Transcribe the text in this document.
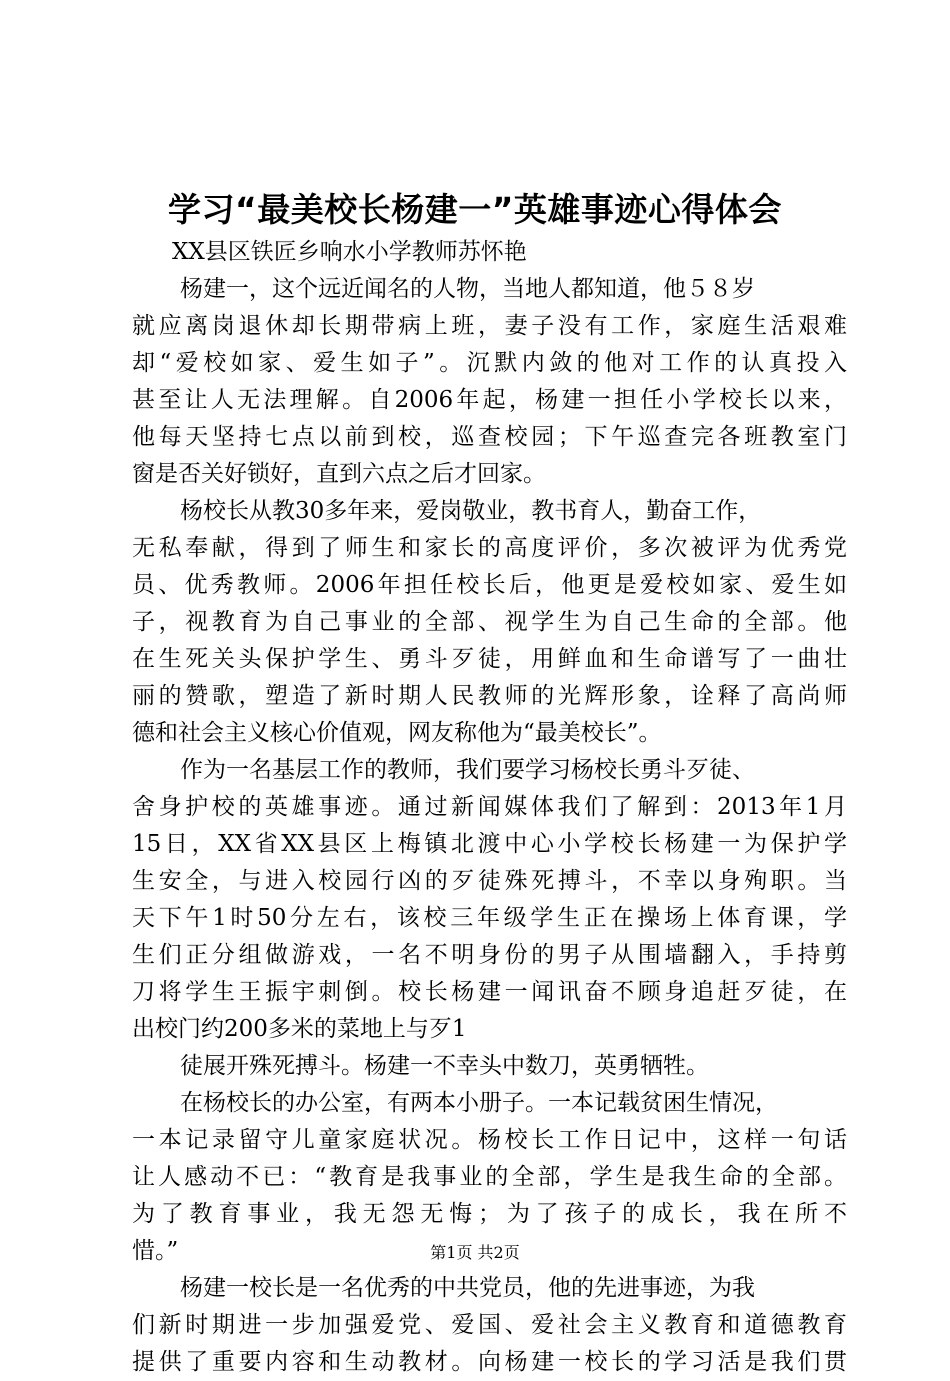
学习“最美校长杨建一”英雄事迹心得体会
XX县区铁匠乡响水小学教师苏怀艳
杨建一，这个远近闻名的人物，当地人都知道，他５８岁
就应离岗退休却长期带病上班，妻子没有工作，家庭生活艰难
却“爱校如家、爱生如子”。沉默内敛的他对工作的认真投入
甚至让人无法理解。自2006年起，杨建一担任小学校长以来，
他每天坚持七点以前到校，巡查校园；下午巡查完各班教室门
窗是否关好锁好，直到六点之后才回家。
杨校长从教30多年来，爱岗敬业，教书育人，勤奋工作，
无私奉献，得到了师生和家长的高度评价，多次被评为优秀党
员、优秀教师。2006年担任校长后，他更是爱校如家、爱生如
子，视教育为自己事业的全部、视学生为自己生命的全部。他
在生死关头保护学生、勇斗歹徒，用鲜血和生命谱写了一曲壮
丽的赞歌，塑造了新时期人民教师的光辉形象，诠释了高尚师
德和社会主义核心价值观，网友称他为“最美校长”。
作为一名基层工作的教师，我们要学习杨校长勇斗歹徒、
舍身护校的英雄事迹。通过新闻媒体我们了解到：2013年1月
15日，XX省XX县区上梅镇北渡中心小学校长杨建一为保护学
生安全，与进入校园行凶的歹徒殊死搏斗，不幸以身殉职。当
天下午1时50分左右，该校三年级学生正在操场上体育课，学
生们正分组做游戏，一名不明身份的男子从围墙翻入，手持剪
刀将学生王振宇刺倒。校长杨建一闻讯奋不顾身追赶歹徒，在
出校门约200多米的菜地上与歹1
徒展开殊死搏斗。杨建一不幸头中数刀，英勇牺牲。
在杨校长的办公室，有两本小册子。一本记载贫困生情况，
一本记录留守儿童家庭状况。杨校长工作日记中，这样一句话
让人感动不已：“教育是我事业的全部，学生是我生命的全部。
为了教育事业，我无怨无悔；为了孩子的成长，我在所不
惜。”
杨建一校长是一名优秀的中共党员，他的先进事迹，为我
们新时期进一步加强爱党、爱国、爱社会主义教育和道德教育
提供了重要内容和生动教材。向杨建一校长的学习活是我们贯
第1页 共2页
